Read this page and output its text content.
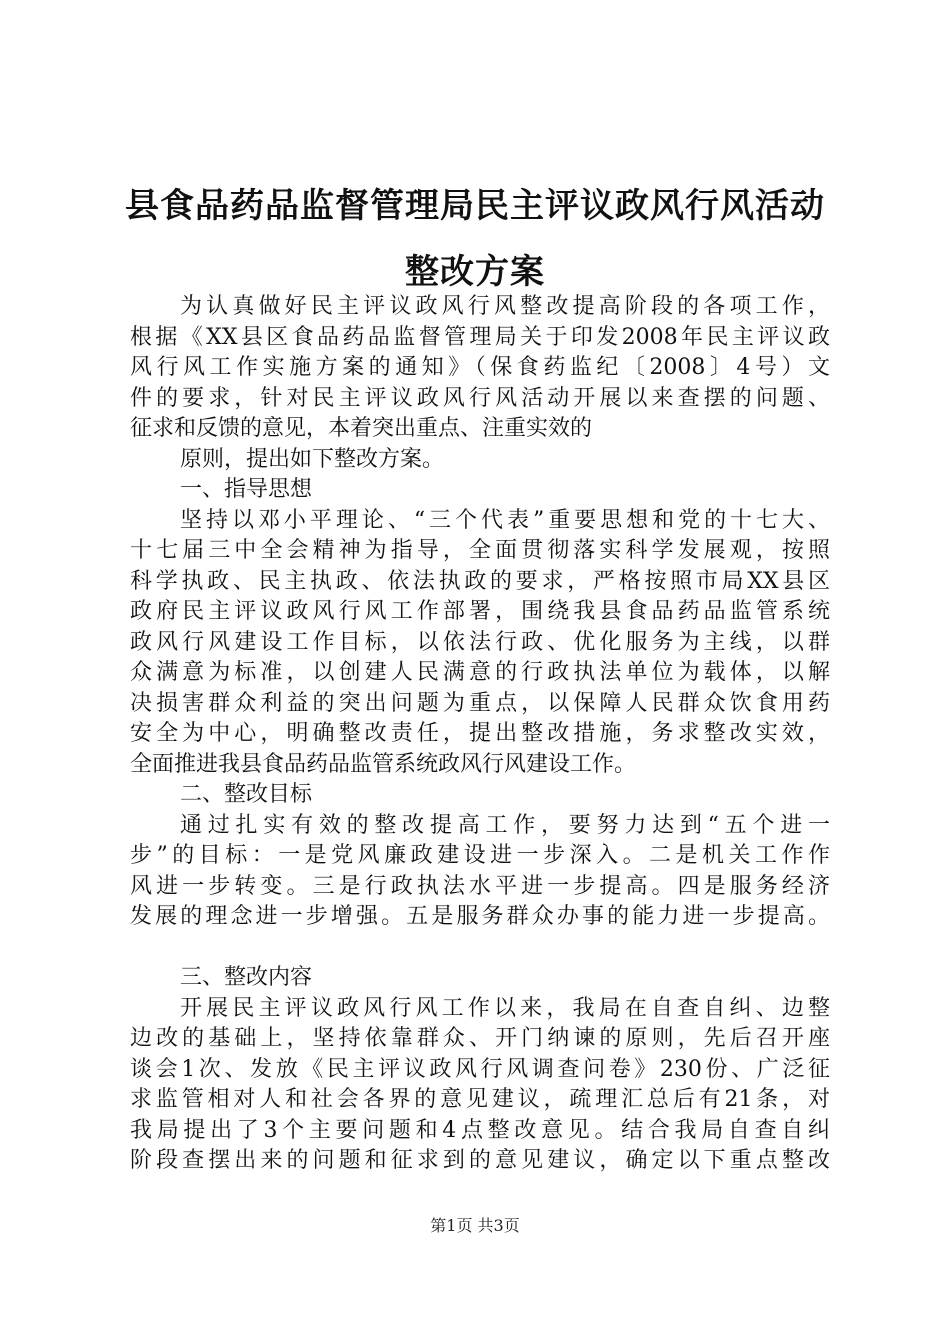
县食品药品监督管理局民主评议政风行风活动
整改方案
为认真做好民主评议政风行风整改提高阶段的各项工作，
根据《XX县区食品药品监督管理局关于印发2008年民主评议政
风行风工作实施方案的通知》（保食药监纪〔2008〕4号）文
件的要求，针对民主评议政风行风活动开展以来查摆的问题、
征求和反馈的意见，本着突出重点、注重实效的
原则，提出如下整改方案。
一、指导思想
坚持以邓小平理论、“三个代表”重要思想和党的十七大、
十七届三中全会精神为指导，全面贯彻落实科学发展观，按照
科学执政、民主执政、依法执政的要求，严格按照市局XX县区
政府民主评议政风行风工作部署，围绕我县食品药品监管系统
政风行风建设工作目标，以依法行政、优化服务为主线，以群
众满意为标准，以创建人民满意的行政执法单位为载体，以解
决损害群众利益的突出问题为重点，以保障人民群众饮食用药
安全为中心，明确整改责任，提出整改措施，务求整改实效，
全面推进我县食品药品监管系统政风行风建设工作。
二、整改目标
通过扎实有效的整改提高工作，要努力达到“五个进一
步”的目标：一是党风廉政建设进一步深入。二是机关工作作
风进一步转变。三是行政执法水平进一步提高。四是服务经济
发展的理念进一步增强。五是服务群众办事的能力进一步提高。
三、整改内容
开展民主评议政风行风工作以来，我局在自查自纠、边整
边改的基础上，坚持依靠群众、开门纳谏的原则，先后召开座
谈会1次、发放《民主评议政风行风调查问卷》230份、广泛征
求监管相对人和社会各界的意见建议，疏理汇总后有21条，对
我局提出了3个主要问题和4点整改意见。结合我局自查自纠
阶段查摆出来的问题和征求到的意见建议，确定以下重点整改
第1页 共3页
